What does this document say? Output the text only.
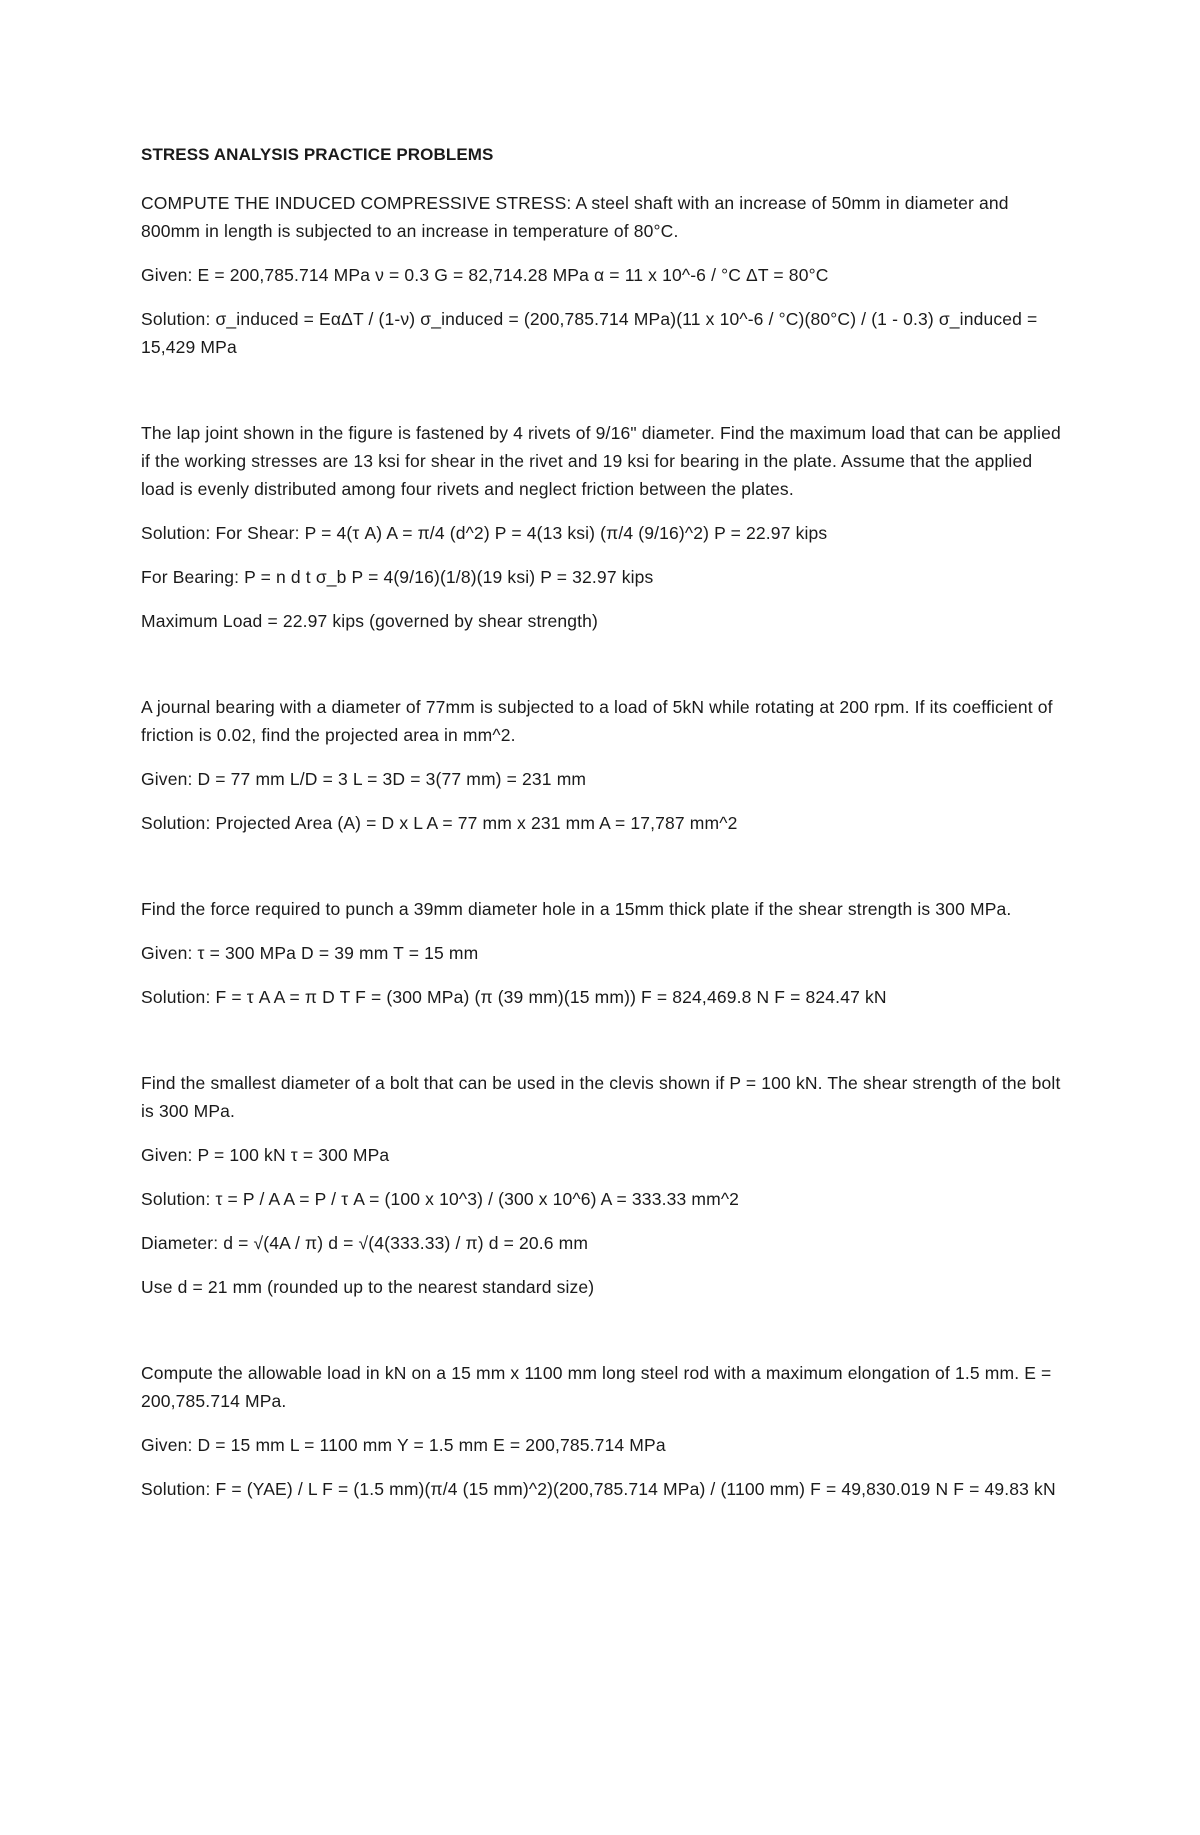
STRESS ANALYSIS PRACTICE PROBLEMS

COMPUTE THE INDUCED COMPRESSIVE STRESS: A steel shaft with an increase of 50mm in diameter and 800mm in length is subjected to an increase in temperature of 80°C.

Given: E = 200,785.714 MPa ν = 0.3 G = 82,714.28 MPa α = 11 x 10^-6 / °C ΔT = 80°C

Solution: σ_induced = EαΔT / (1-ν) σ_induced = (200,785.714 MPa)(11 x 10^-6 / °C)(80°C) / (1 - 0.3) σ_induced = 15,429 MPa

The lap joint shown in the figure is fastened by 4 rivets of 9/16" diameter. Find the maximum load that can be applied if the working stresses are 13 ksi for shear in the rivet and 19 ksi for bearing in the plate. Assume that the applied load is evenly distributed among four rivets and neglect friction between the plates.

Solution: For Shear: P = 4(τ A) A = π/4 (d^2) P = 4(13 ksi) (π/4 (9/16)^2) P = 22.97 kips

For Bearing: P = n d t σ_b P = 4(9/16)(1/8)(19 ksi) P = 32.97 kips

Maximum Load = 22.97 kips (governed by shear strength)

A journal bearing with a diameter of 77mm is subjected to a load of 5kN while rotating at 200 rpm. If its coefficient of friction is 0.02, find the projected area in mm^2.

Given: D = 77 mm L/D = 3 L = 3D = 3(77 mm) = 231 mm

Solution: Projected Area (A) = D x L A = 77 mm x 231 mm A = 17,787 mm^2

Find the force required to punch a 39mm diameter hole in a 15mm thick plate if the shear strength is 300 MPa.

Given: τ = 300 MPa D = 39 mm T = 15 mm

Solution: F = τ A A = π D T F = (300 MPa) (π (39 mm)(15 mm)) F = 824,469.8 N F = 824.47 kN

Find the smallest diameter of a bolt that can be used in the clevis shown if P = 100 kN. The shear strength of the bolt is 300 MPa.

Given: P = 100 kN τ = 300 MPa

Solution: τ = P / A A = P / τ A = (100 x 10^3) / (300 x 10^6) A = 333.33 mm^2

Diameter: d = √(4A / π) d = √(4(333.33) / π) d = 20.6 mm

Use d = 21 mm (rounded up to the nearest standard size)

Compute the allowable load in kN on a 15 mm x 1100 mm long steel rod with a maximum elongation of 1.5 mm. E = 200,785.714 MPa.

Given: D = 15 mm L = 1100 mm Y = 1.5 mm E = 200,785.714 MPa

Solution: F = (YAE) / L F = (1.5 mm)(π/4 (15 mm)^2)(200,785.714 MPa) / (1100 mm) F = 49,830.019 N F = 49.83 kN
